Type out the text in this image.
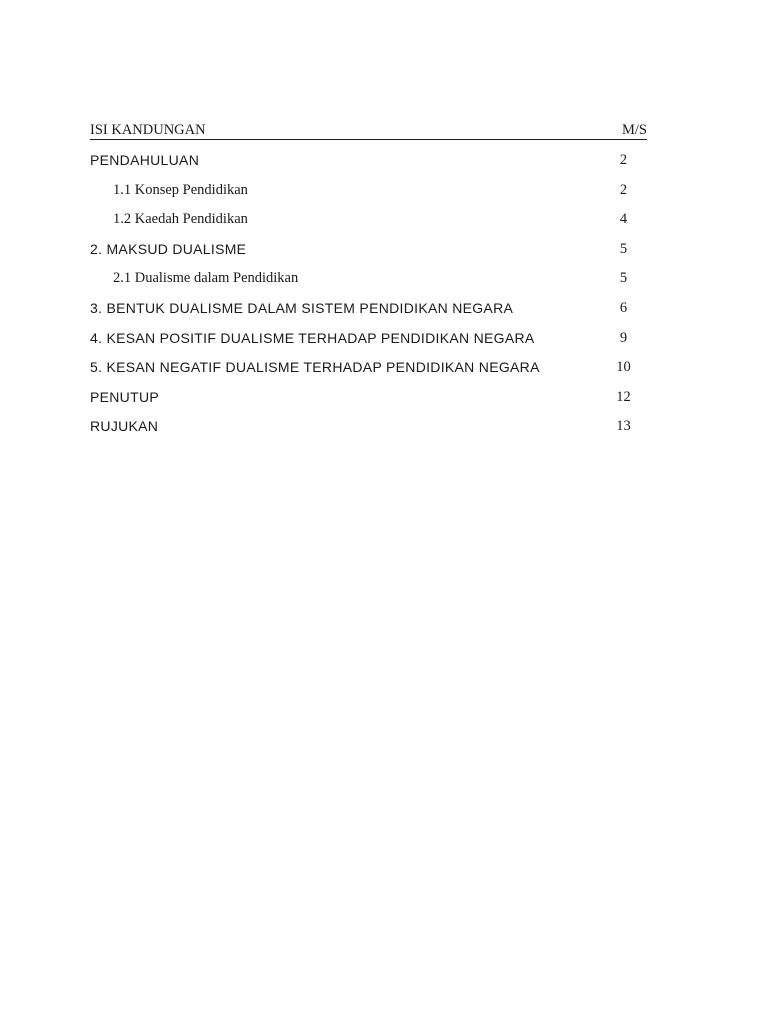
ISI KANDUNGAN	M/S
PENDAHULUAN	2
1.1 Konsep Pendidikan	2
1.2 Kaedah Pendidikan	4
2. MAKSUD DUALISME	5
2.1 Dualisme dalam Pendidikan	5
3. BENTUK DUALISME DALAM SISTEM PENDIDIKAN NEGARA	6
4. KESAN POSITIF DUALISME TERHADAP PENDIDIKAN NEGARA	9
5. KESAN NEGATIF DUALISME TERHADAP PENDIDIKAN NEGARA	10
PENUTUP	12
RUJUKAN	13
